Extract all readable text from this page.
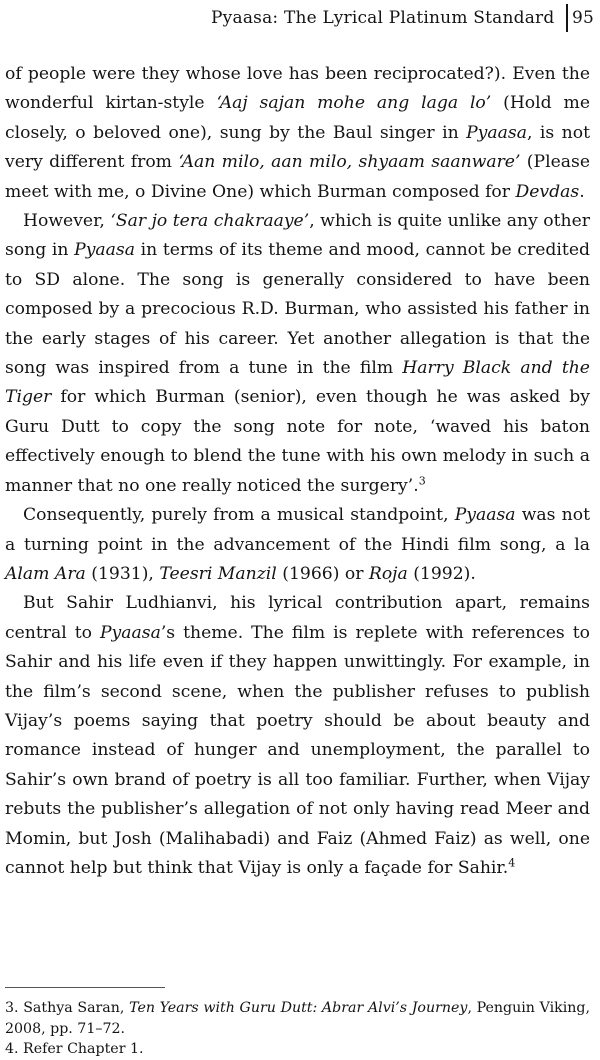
Pyaasa: The Lyrical Platinum Standard 95

of people were they whose love has been reciprocated?). Even the wonderful kirtan-style ‘Aaj sajan mohe ang laga lo’ (Hold me closely, o beloved one), sung by the Baul singer in Pyaasa, is not very different from ‘Aan milo, aan milo, shyaam saanware’ (Please meet with me, o Divine One) which Burman composed for Devdas.

However, ‘Sar jo tera chakraaye’, which is quite unlike any other song in Pyaasa in terms of its theme and mood, cannot be credited to SD alone. The song is generally considered to have been composed by a precocious R.D. Burman, who assisted his father in the early stages of his career. Yet another allegation is that the song was inspired from a tune in the film Harry Black and the Tiger for which Burman (senior), even though he was asked by Guru Dutt to copy the song note for note, ‘waved his baton effectively enough to blend the tune with his own melody in such a manner that no one really noticed the surgery’.$^3$

Consequently, purely from a musical standpoint, Pyaasa was not a turning point in the advancement of the Hindi film song, a la Alam Ara (1931), Teesri Manzil (1966) or Roja (1992).

But Sahir Ludhianvi, his lyrical contribution apart, remains central to Pyaasa’s theme. The film is replete with references to Sahir and his life even if they happen unwittingly. For example, in the film’s second scene, when the publisher refuses to publish Vijay’s poems saying that poetry should be about beauty and romance instead of hunger and unemployment, the parallel to Sahir’s own brand of poetry is all too familiar. Further, when Vijay rebuts the publisher’s allegation of not only having read Meer and Momin, but Josh (Malihabadi) and Faiz (Ahmed Faiz) as well, one cannot help but think that Vijay is only a façade for Sahir.$^4$

3. Sathya Saran, Ten Years with Guru Dutt: Abrar Alvi’s Journey, Penguin Viking, 2008, pp. 71–72.

4. Refer Chapter 1.
